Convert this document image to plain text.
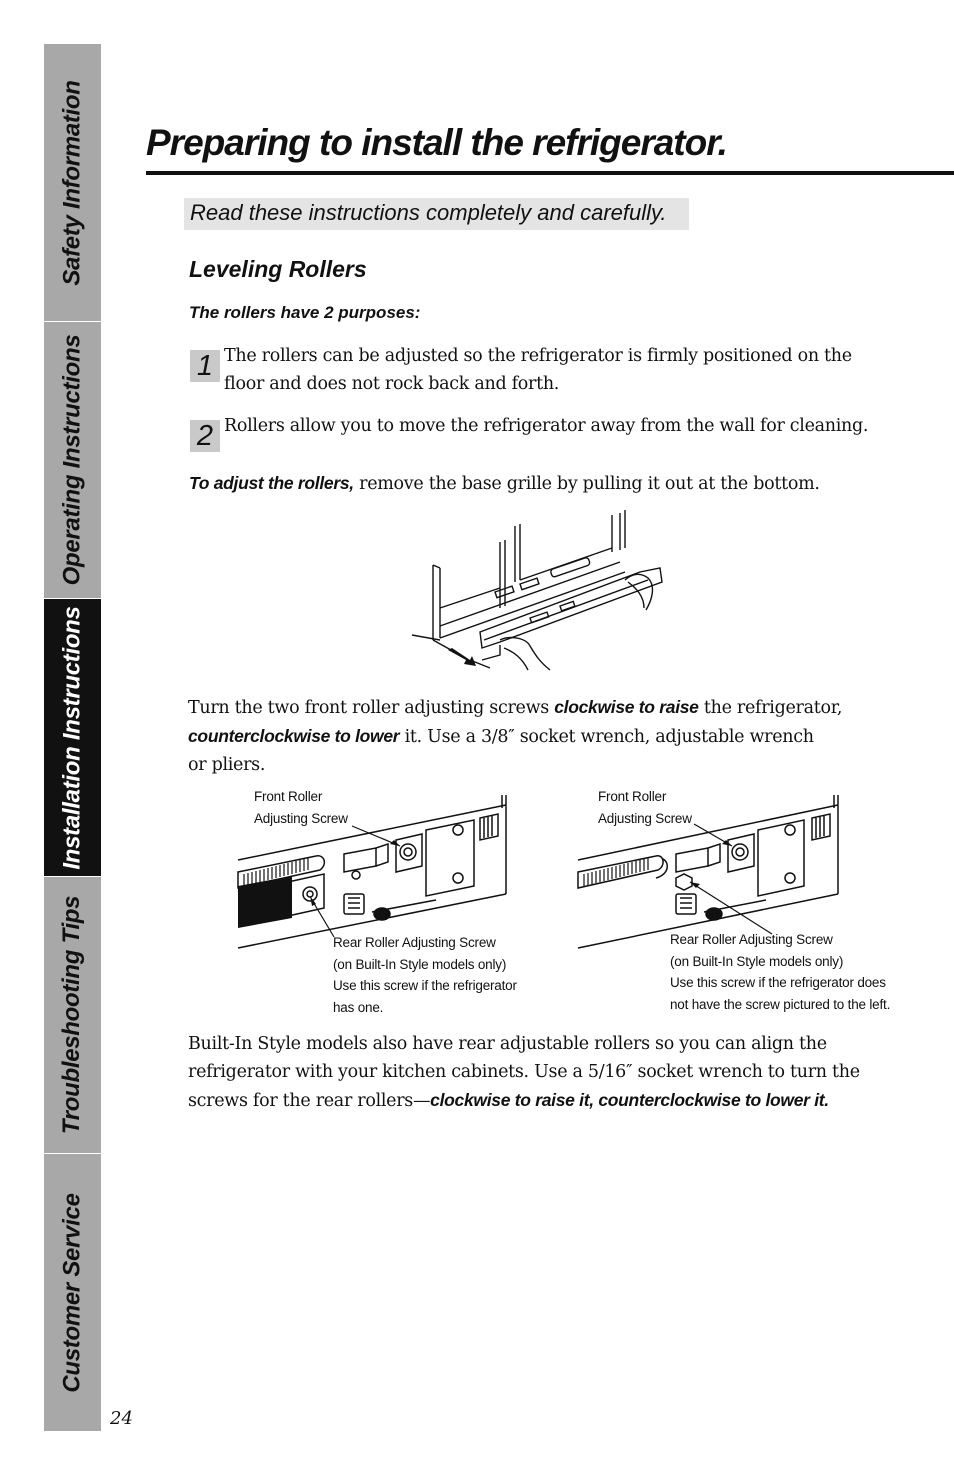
Safety Information
Operating Instructions
Installation Instructions
Troubleshooting Tips
Customer Service
24
Preparing to install the refrigerator.
Read these instructions completely and carefully.
Leveling Rollers
The rollers have 2 purposes:
1 The rollers can be adjusted so the refrigerator is firmly positioned on the
floor and does not rock back and forth.
2 Rollers allow you to move the refrigerator away from the wall for cleaning.
To adjust the rollers, remove the base grille by pulling it out at the bottom.
Turn the two front roller adjusting screws clockwise to raise the refrigerator,
counterclockwise to lower it. Use a 3/8″ socket wrench, adjustable wrench
or pliers.
Front Roller
Adjusting Screw
Rear Roller Adjusting Screw
(on Built-In Style models only)
Use this screw if the refrigerator
has one.
Front Roller
Adjusting Screw
Rear Roller Adjusting Screw
(on Built-In Style models only)
Use this screw if the refrigerator does
not have the screw pictured to the left.
Built-In Style models also have rear adjustable rollers so you can align the
refrigerator with your kitchen cabinets. Use a 5/16″ socket wrench to turn the
screws for the rear rollers—clockwise to raise it, counterclockwise to lower it.
